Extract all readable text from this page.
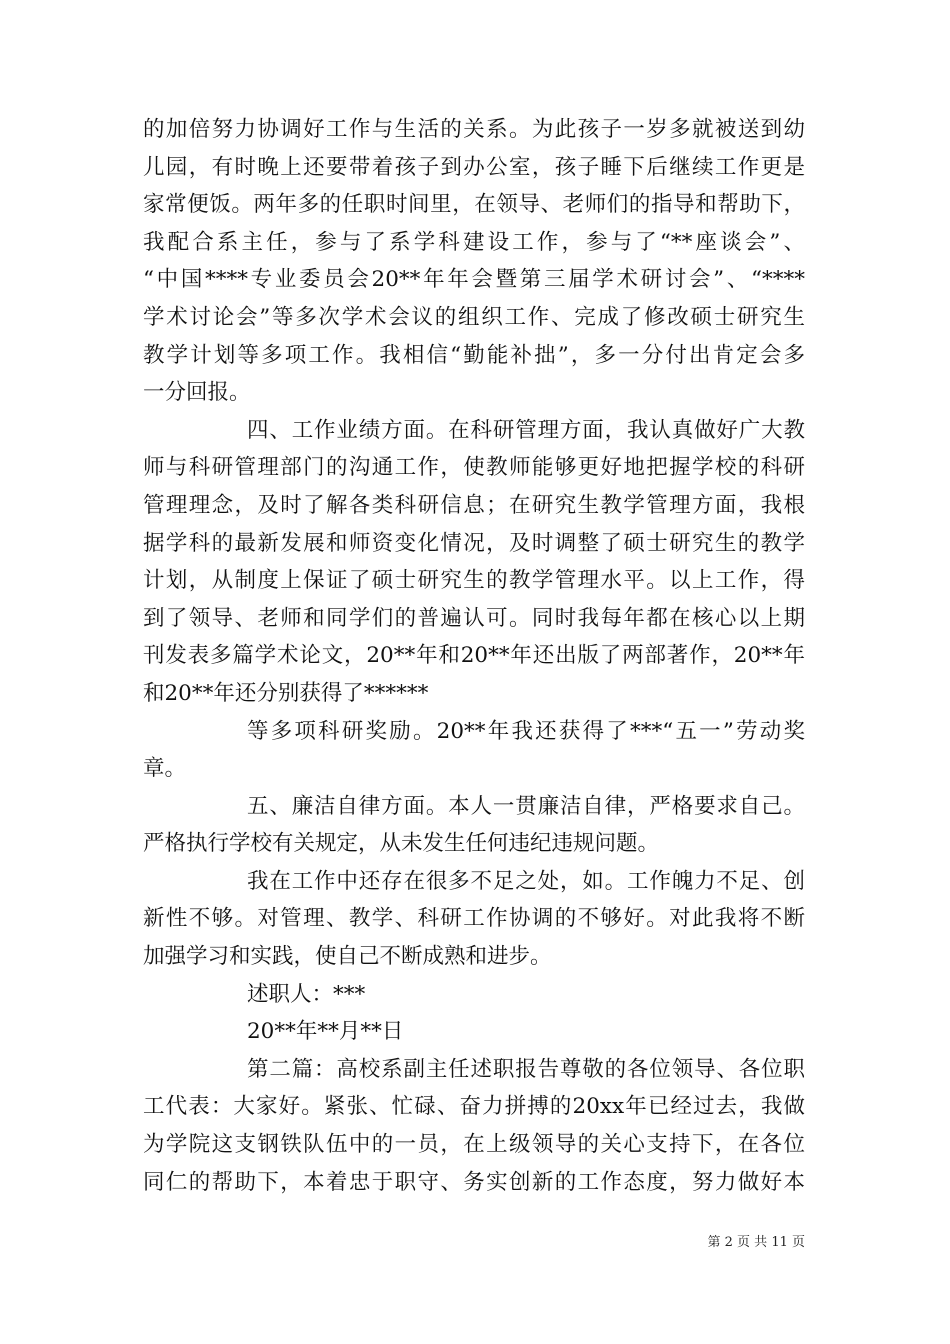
的加倍努力协调好工作与生活的关系。为此孩子一岁多就被送到幼
儿园，有时晚上还要带着孩子到办公室，孩子睡下后继续工作更是
家常便饭。两年多的任职时间里，在领导、老师们的指导和帮助下，
我配合系主任，参与了系学科建设工作，参与了“**座谈会”、
“中国****专业委员会20**年年会暨第三届学术研讨会”、“****
学术讨论会”等多次学术会议的组织工作、完成了修改硕士研究生
教学计划等多项工作。我相信“勤能补拙”，多一分付出肯定会多
一分回报。
四、工作业绩方面。在科研管理方面，我认真做好广大教
师与科研管理部门的沟通工作，使教师能够更好地把握学校的科研
管理理念，及时了解各类科研信息；在研究生教学管理方面，我根
据学科的最新发展和师资变化情况，及时调整了硕士研究生的教学
计划，从制度上保证了硕士研究生的教学管理水平。以上工作，得
到了领导、老师和同学们的普遍认可。同时我每年都在核心以上期
刊发表多篇学术论文，20**年和20**年还出版了两部著作，20**年
和20**年还分别获得了******
等多项科研奖励。20**年我还获得了***“五一”劳动奖
章。
五、廉洁自律方面。本人一贯廉洁自律，严格要求自己。
严格执行学校有关规定，从未发生任何违纪违规问题。
我在工作中还存在很多不足之处，如。工作魄力不足、创
新性不够。对管理、教学、科研工作协调的不够好。对此我将不断
加强学习和实践，使自己不断成熟和进步。
述职人：***
20**年**月**日
第二篇：高校系副主任述职报告尊敬的各位领导、各位职
工代表：大家好。紧张、忙碌、奋力拼搏的20xx年已经过去，我做
为学院这支钢铁队伍中的一员，在上级领导的关心支持下，在各位
同仁的帮助下，本着忠于职守、务实创新的工作态度，努力做好本
第 2 页 共 11 页
